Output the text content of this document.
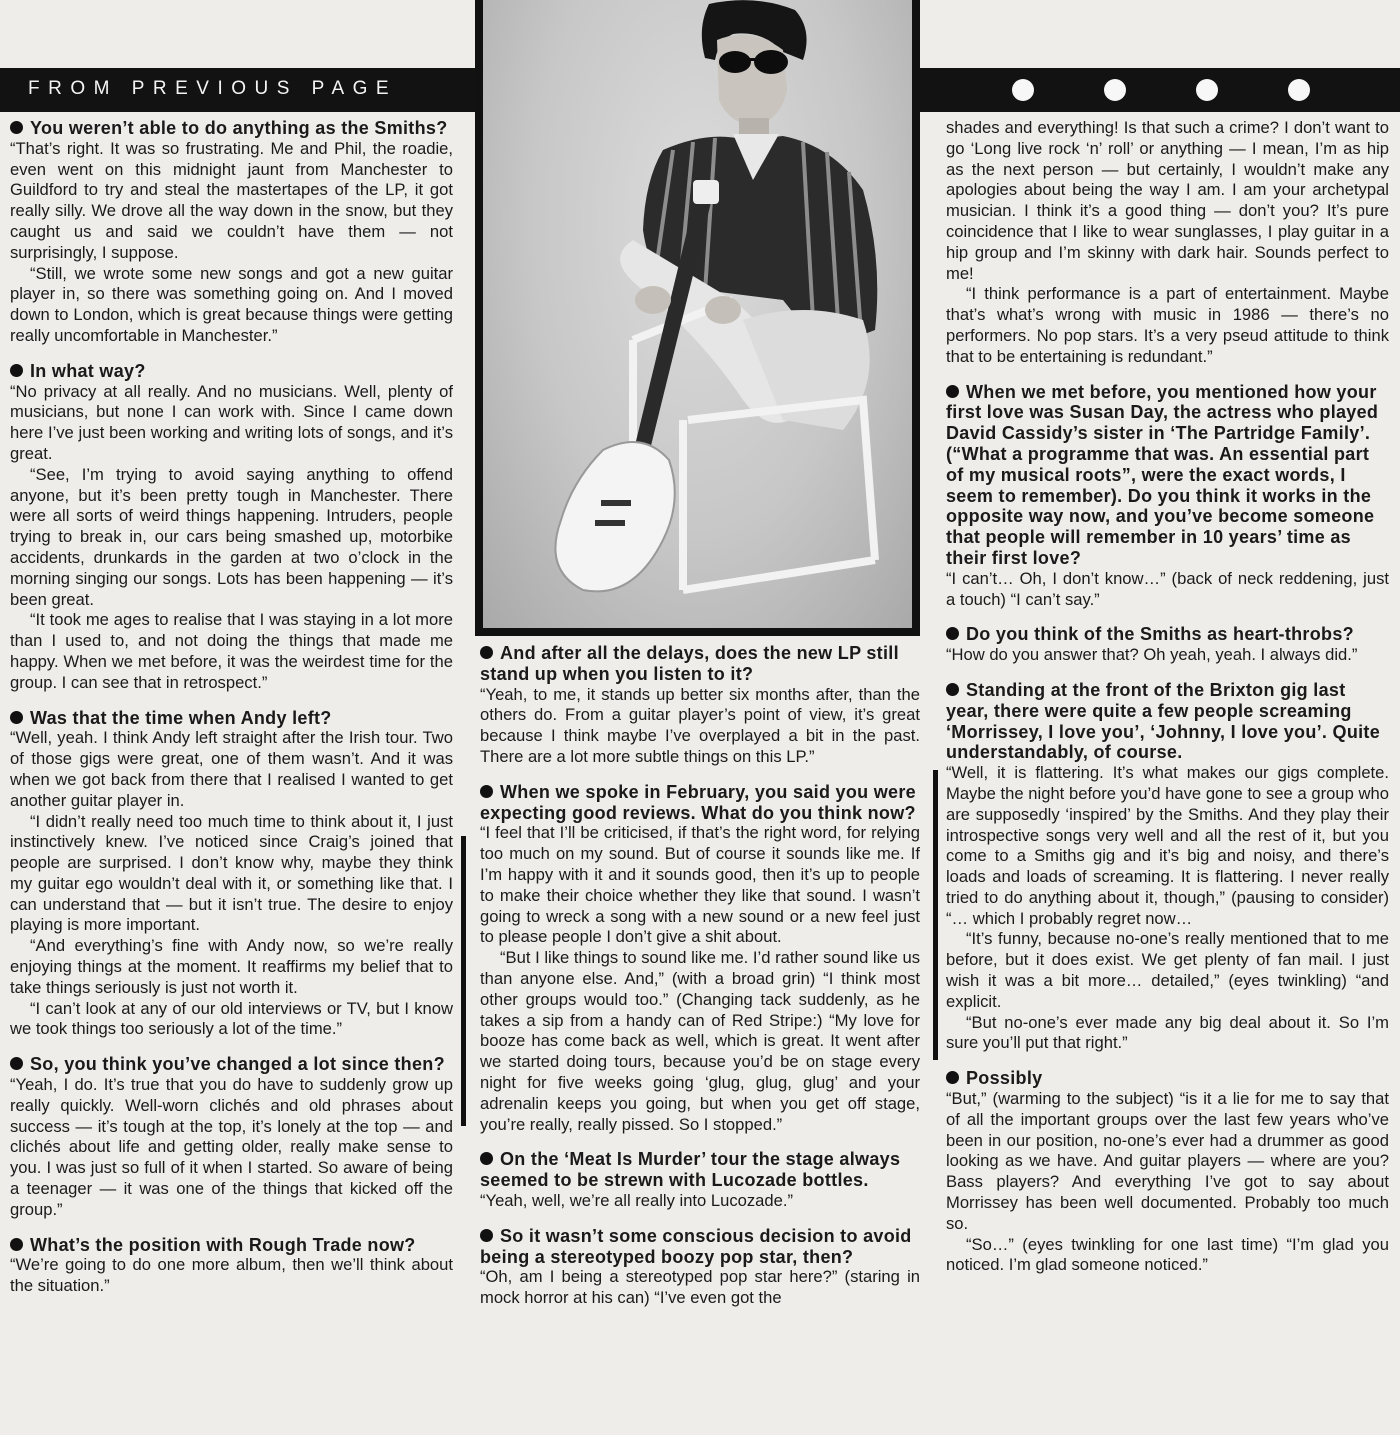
FROM PREVIOUS PAGE

You weren’t able to do anything as the Smiths?

“That’s right. It was so frustrating. Me and Phil, the roadie, even went on this midnight jaunt from Manchester to Guildford to try and steal the mastertapes of the LP, it got really silly. We drove all the way down in the snow, but they caught us and said we couldn’t have them — not surprisingly, I suppose.

“Still, we wrote some new songs and got a new guitar player in, so there was something going on. And I moved down to London, which is great because things were getting really uncomfortable in Manchester.”

In what way?

“No privacy at all really. And no musicians. Well, plenty of musicians, but none I can work with. Since I came down here I’ve just been working and writing lots of songs, and it’s great.

“See, I’m trying to avoid saying anything to offend anyone, but it’s been pretty tough in Manchester. There were all sorts of weird things happening. Intruders, people trying to break in, our cars being smashed up, motorbike accidents, drunkards in the garden at two o’clock in the morning singing our songs. Lots has been happening — it’s been great.

“It took me ages to realise that I was staying in a lot more than I used to, and not doing the things that made me happy. When we met before, it was the weirdest time for the group. I can see that in retrospect.”

Was that the time when Andy left?

“Well, yeah. I think Andy left straight after the Irish tour. Two of those gigs were great, one of them wasn’t. And it was when we got back from there that I realised I wanted to get another guitar player in.

“I didn’t really need too much time to think about it, I just instinctively knew. I’ve noticed since Craig’s joined that people are surprised. I don’t know why, maybe they think my guitar ego wouldn’t deal with it, or something like that. I can understand that — but it isn’t true. The desire to enjoy playing is more important.

“And everything’s fine with Andy now, so we’re really enjoying things at the moment. It reaffirms my belief that to take things seriously is just not worth it.

“I can’t look at any of our old interviews or TV, but I know we took things too seriously a lot of the time.”

So, you think you’ve changed a lot since then?

“Yeah, I do. It’s true that you do have to suddenly grow up really quickly. Well-worn clichés and old phrases about success — it’s tough at the top, it’s lonely at the top — and clichés about life and getting older, really make sense to you. I was just so full of it when I started. So aware of being a teenager — it was one of the things that kicked off the group.”

What’s the position with Rough Trade now?

“We’re going to do one more album, then we’ll think about the situation.”

And after all the delays, does the new LP still stand up when you listen to it?

“Yeah, to me, it stands up better six months after, than the others do. From a guitar player’s point of view, it’s great because I think maybe I’ve overplayed a bit in the past. There are a lot more subtle things on this LP.”

When we spoke in February, you said you were expecting good reviews. What do you think now?

“I feel that I’ll be criticised, if that’s the right word, for relying too much on my sound. But of course it sounds like me. If I’m happy with it and it sounds good, then it’s up to people to make their choice whether they like that sound. I wasn’t going to wreck a song with a new sound or a new feel just to please people I don’t give a shit about.

“But I like things to sound like me. I’d rather sound like us than anyone else. And,” (with a broad grin) “I think most other groups would too.” (Changing tack suddenly, as he takes a sip from a handy can of Red Stripe:) “My love for booze has come back as well, which is great. It went after we started doing tours, because you’d be on stage every night for five weeks going ‘glug, glug, glug’ and your adrenalin keeps you going, but when you get off stage, you’re really, really pissed. So I stopped.”

On the ‘Meat Is Murder’ tour the stage always seemed to be strewn with Lucozade bottles.

“Yeah, well, we’re all really into Lucozade.”

So it wasn’t some conscious decision to avoid being a stereotyped boozy pop star, then?

“Oh, am I being a stereotyped pop star here?” (staring in mock horror at his can) “I’ve even got the

shades and everything! Is that such a crime? I don’t want to go ‘Long live rock ‘n’ roll’ or anything — I mean, I’m as hip as the next person — but certainly, I wouldn’t make any apologies about being the way I am. I am your archetypal musician. I think it’s a good thing — don’t you? It’s pure coincidence that I like to wear sunglasses, I play guitar in a hip group and I’m skinny with dark hair. Sounds perfect to me!

“I think performance is a part of entertainment. Maybe that’s what’s wrong with music in 1986 — there’s no performers. No pop stars. It’s a very pseud attitude to think that to be entertaining is redundant.”

When we met before, you mentioned how your first love was Susan Day, the actress who played David Cassidy’s sister in ‘The Partridge Family’. (“What a programme that was. An essential part of my musical roots”, were the exact words, I seem to remember). Do you think it works in the opposite way now, and you’ve become someone that people will remember in 10 years’ time as their first love?

“I can’t… Oh, I don’t know…” (back of neck reddening, just a touch) “I can’t say.”

Do you think of the Smiths as heart-throbs?

“How do you answer that? Oh yeah, yeah. I always did.”

Standing at the front of the Brixton gig last year, there were quite a few people screaming ‘Morrissey, I love you’, ‘Johnny, I love you’. Quite understandably, of course.

“Well, it is flattering. It’s what makes our gigs complete. Maybe the night before you’d have gone to see a group who are supposedly ‘inspired’ by the Smiths. And they play their introspective songs very well and all the rest of it, but you come to a Smiths gig and it’s big and noisy, and there’s loads and loads of screaming. It is flattering. I never really tried to do anything about it, though,” (pausing to consider) “… which I probably regret now…

“It’s funny, because no-one’s really mentioned that to me before, but it does exist. We get plenty of fan mail. I just wish it was a bit more… detailed,” (eyes twinkling) “and explicit.

“But no-one’s ever made any big deal about it. So I’m sure you’ll put that right.”

Possibly

“But,” (warming to the subject) “is it a lie for me to say that of all the important groups over the last few years who’ve been in our position, no-one’s ever had a drummer as good looking as we have. And guitar players — where are you? Bass players? And everything I’ve got to say about Morrissey has been well documented. Probably too much so.

“So…” (eyes twinkling for one last time) “I’m glad you noticed. I’m glad someone noticed.”
